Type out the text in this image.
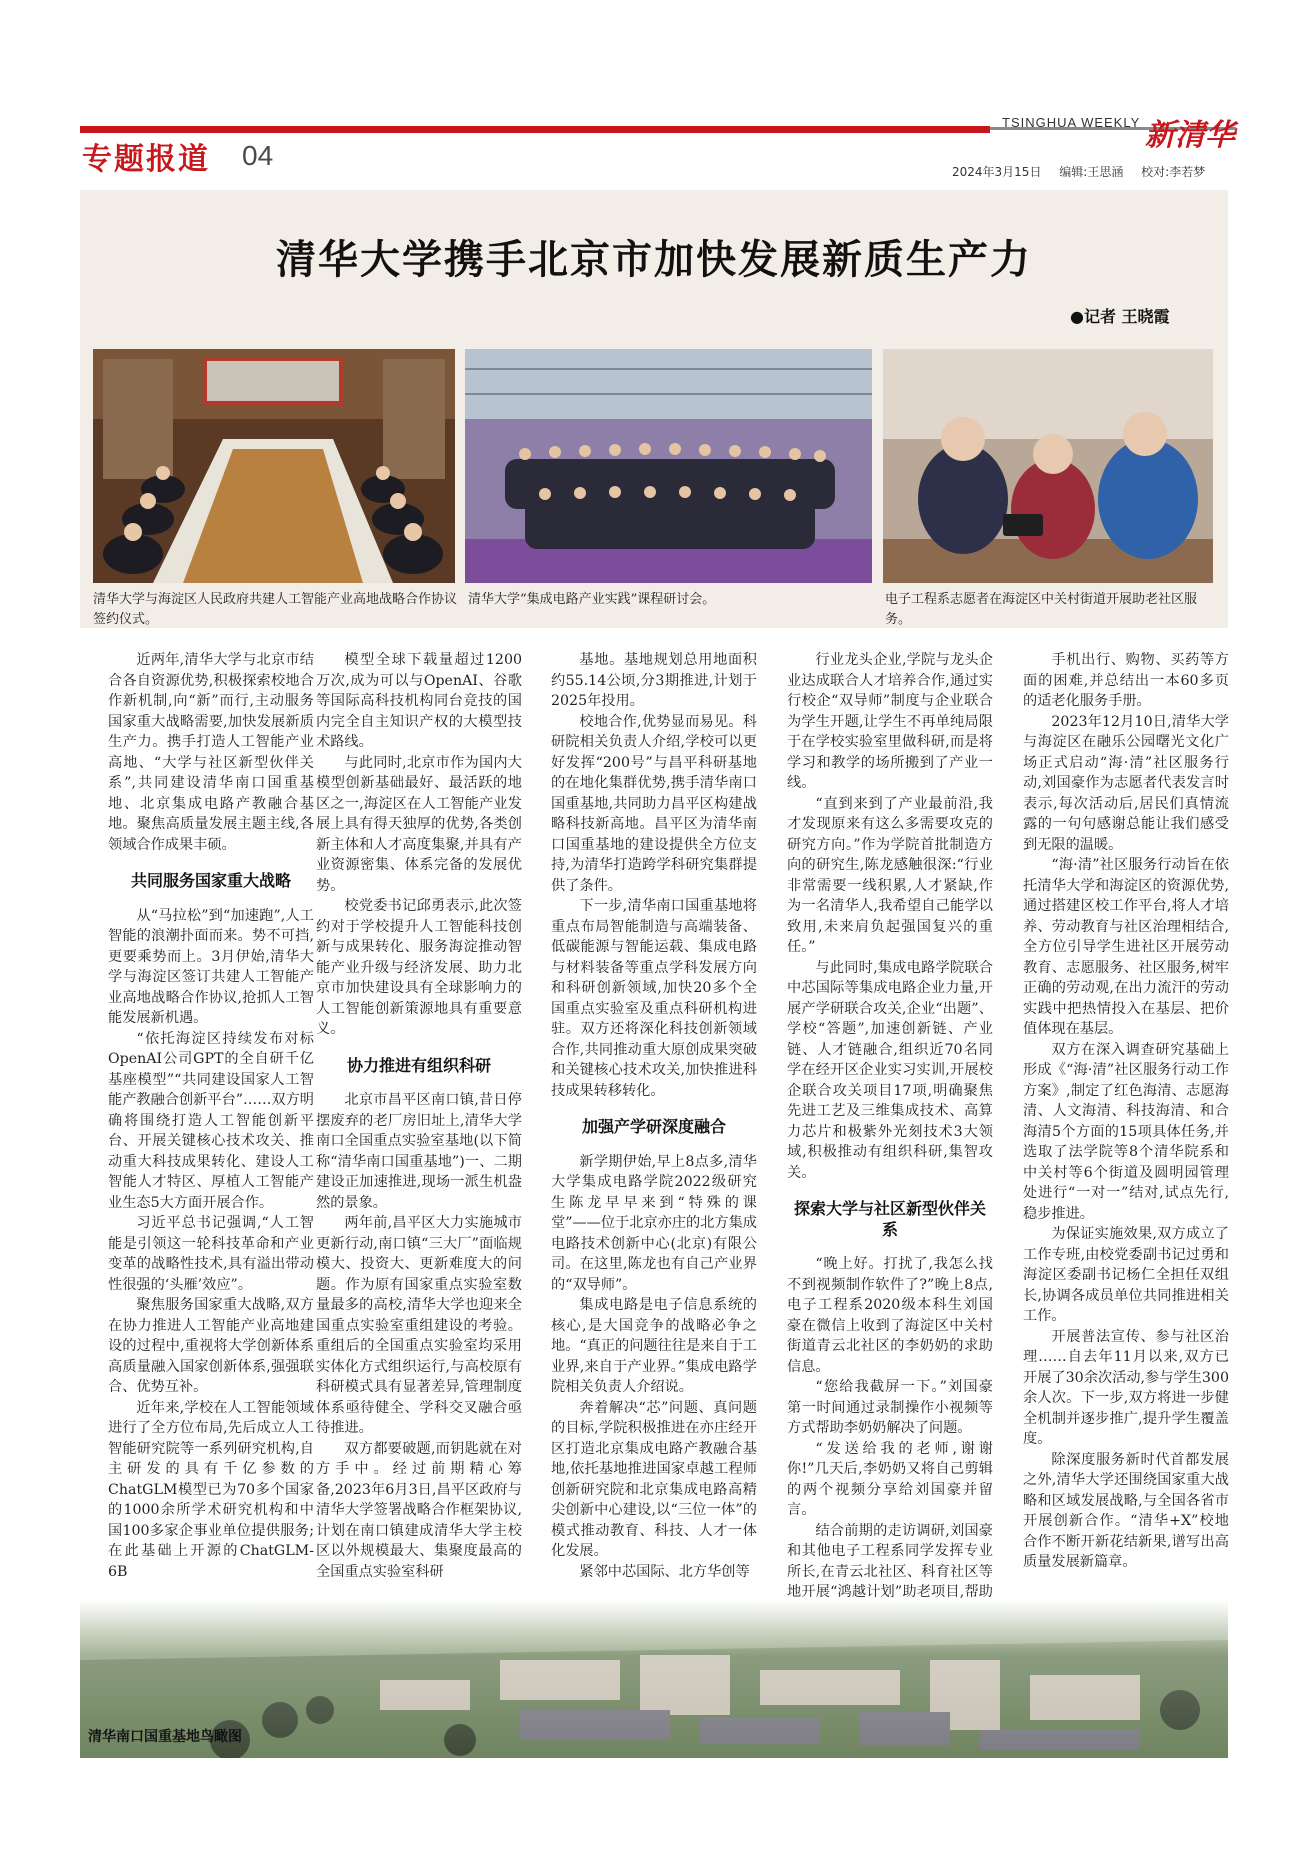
专题报道 04
TSINGHUA WEEKLY 新清华
2024年3月15日 编辑:王思涵 校对:李若梦
清华大学携手北京市加快发展新质生产力
●记者 王晓霞
清华大学与海淀区人民政府共建人工智能产业高地战略合作协议签约仪式。
清华大学“集成电路产业实践”课程研讨会。	电子工程系志愿者在海淀区中关村街道开展助老社区服务。

近两年,清华大学与北京市结合各自资源优势,积极探索校地合作新机制,向“新”而行,主动服务国家重大战略需要,加快发展新质生产力。携手打造人工智能产业高地、“大学与社区新型伙伴关系”,共同建设清华南口国重基地、北京集成电路产教融合基地。聚焦高质量发展主题主线,各领域合作成果丰硕。

共同服务国家重大战略

从“马拉松”到“加速跑”,人工智能的浪潮扑面而来。势不可挡,更要乘势而上。3月伊始,清华大学与海淀区签订共建人工智能产业高地战略合作协议,抢抓人工智能发展新机遇。

“依托海淀区持续发布对标OpenAI公司GPT的全自研千亿基座模型”“共同建设国家人工智能产教融合创新平台”……双方明确将围绕打造人工智能创新平台、开展关键核心技术攻关、推动重大科技成果转化、建设人工智能人才特区、厚植人工智能产业生态5大方面开展合作。

习近平总书记强调,“人工智能是引领这一轮科技革命和产业变革的战略性技术,具有溢出带动性很强的‘头雁’效应”。

聚焦服务国家重大战略,双方在协力推进人工智能产业高地建设的过程中,重视将大学创新体系高质量融入国家创新体系,强强联合、优势互补。

近年来,学校在人工智能领域进行了全方位布局,先后成立人工智能研究院等一系列研究机构,自主研发的具有千亿参数的ChatGLM模型已为70多个国家的1000余所学术研究机构和中国100多家企事业单位提供服务;在此基础上开源的ChatGLM-6B

模型全球下载量超过1200万次,成为可以与OpenAI、谷歌等国际高科技机构同台竞技的国内完全自主知识产权的大模型技术路线。

与此同时,北京市作为国内大模型创新基础最好、最活跃的地区之一,海淀区在人工智能产业发展上具有得天独厚的优势,各类创新主体和人才高度集聚,并具有产业资源密集、体系完备的发展优势。

校党委书记邱勇表示,此次签约对于学校提升人工智能科技创新与成果转化、服务海淀推动智能产业升级与经济发展、助力北京市加快建设具有全球影响力的人工智能创新策源地具有重要意义。

协力推进有组织科研

北京市昌平区南口镇,昔日停摆废弃的老厂房旧址上,清华大学南口全国重点实验室基地(以下简称“清华南口国重基地”)一、二期建设正加速推进,现场一派生机盎然的景象。

两年前,昌平区大力实施城市更新行动,南口镇“三大厂”面临规模大、投资大、更新难度大的问题。作为原有国家重点实验室数量最多的高校,清华大学也迎来全国重点实验室重组建设的考验。重组后的全国重点实验室均采用实体化方式组织运行,与高校原有科研模式具有显著差异,管理制度体系亟待健全、学科交叉融合亟待推进。

双方都要破题,而钥匙就在对方手中。经过前期精心筹备,2023年6月3日,昌平区政府与清华大学签署战略合作框架协议,计划在南口镇建成清华大学主校区以外规模最大、集聚度最高的全国重点实验室科研

基地。基地规划总用地面积约55.14公顷,分3期推进,计划于2025年投用。

校地合作,优势显而易见。科研院相关负责人介绍,学校可以更好发挥“200号”与昌平科研基地的在地化集群优势,携手清华南口国重基地,共同助力昌平区构建战略科技新高地。昌平区为清华南口国重基地的建设提供全方位支持,为清华打造跨学科研究集群提供了条件。

下一步,清华南口国重基地将重点布局智能制造与高端装备、低碳能源与智能运载、集成电路与材料装备等重点学科发展方向和科研创新领域,加快20多个全国重点实验室及重点科研机构进驻。双方还将深化科技创新领域合作,共同推动重大原创成果突破和关键核心技术攻关,加快推进科技成果转移转化。

加强产学研深度融合

新学期伊始,早上8点多,清华大学集成电路学院2022级研究生陈龙早早来到“特殊的课堂”——位于北京亦庄的北方集成电路技术创新中心(北京)有限公司。在这里,陈龙也有自己产业界的“双导师”。

集成电路是电子信息系统的核心,是大国竞争的战略必争之地。“真正的问题往往是来自于工业界,来自于产业界。”集成电路学院相关负责人介绍说。

奔着解决“芯”问题、真问题的目标,学院积极推进在亦庄经开区打造北京集成电路产教融合基地,依托基地推进国家卓越工程师创新研究院和北京集成电路高精尖创新中心建设,以“三位一体”的模式推动教育、科技、人才一体化发展。

紧邻中芯国际、北方华创等

行业龙头企业,学院与龙头企业达成联合人才培养合作,通过实行校企“双导师”制度与企业联合为学生开题,让学生不再单纯局限于在学校实验室里做科研,而是将学习和教学的场所搬到了产业一线。

“直到来到了产业最前沿,我才发现原来有这么多需要攻克的研究方向。”作为学院首批制造方向的研究生,陈龙感触很深:“行业非常需要一线积累,人才紧缺,作为一名清华人,我希望自己能学以致用,未来肩负起强国复兴的重任。”

与此同时,集成电路学院联合中芯国际等集成电路企业力量,开展产学研联合攻关,企业“出题”、学校“答题”,加速创新链、产业链、人才链融合,组织近70名同学在经开区企业实习实训,开展校企联合攻关项目17项,明确聚焦先进工艺及三维集成技术、高算力芯片和极紫外光刻技术3大领域,积极推动有组织科研,集智攻关。

探索大学与社区新型伙伴关系

“晚上好。打扰了,我怎么找不到视频制作软件了?”晚上8点,电子工程系2020级本科生刘国豪在微信上收到了海淀区中关村街道青云北社区的李奶奶的求助信息。

“您给我截屏一下。”刘国豪第一时间通过录制操作小视频等方式帮助李奶奶解决了问题。

“发送给我的老师,谢谢你!”几天后,李奶奶又将自己剪辑的两个视频分享给刘国豪并留言。

结合前期的走访调研,刘国豪和其他电子工程系同学发挥专业所长,在青云北社区、科育社区等地开展“鸿越计划”助老项目,帮助

手机出行、购物、买药等方面的困难,并总结出一本60多页的适老化服务手册。

2023年12月10日,清华大学与海淀区在融乐公园曙光文化广场正式启动“海·清”社区服务行动,刘国豪作为志愿者代表发言时表示,每次活动后,居民们真情流露的一句句感谢总能让我们感受到无限的温暖。

“海·清”社区服务行动旨在依托清华大学和海淀区的资源优势,通过搭建区校工作平台,将人才培养、劳动教育与社区治理相结合,全方位引导学生进社区开展劳动教育、志愿服务、社区服务,树牢正确的劳动观,在出力流汗的劳动实践中把热情投入在基层、把价值体现在基层。

双方在深入调查研究基础上形成《“海·清”社区服务行动工作方案》,制定了红色海清、志愿海清、人文海清、科技海清、和合海清5个方面的15项具体任务,并选取了法学院等8个清华院系和中关村等6个街道及圆明园管理处进行“一对一”结对,试点先行,稳步推进。

为保证实施效果,双方成立了工作专班,由校党委副书记过勇和海淀区委副书记杨仁全担任双组长,协调各成员单位共同推进相关工作。

开展普法宣传、参与社区治理……自去年11月以来,双方已开展了30余次活动,参与学生300余人次。下一步,双方将进一步健全机制并逐步推广,提升学生覆盖度。

除深度服务新时代首都发展之外,清华大学还围绕国家重大战略和区域发展战略,与全国各省市开展创新合作。“清华+X”校地合作不断开新花结新果,谱写出高质量发展新篇章。

清华南口国重基地鸟瞰图
